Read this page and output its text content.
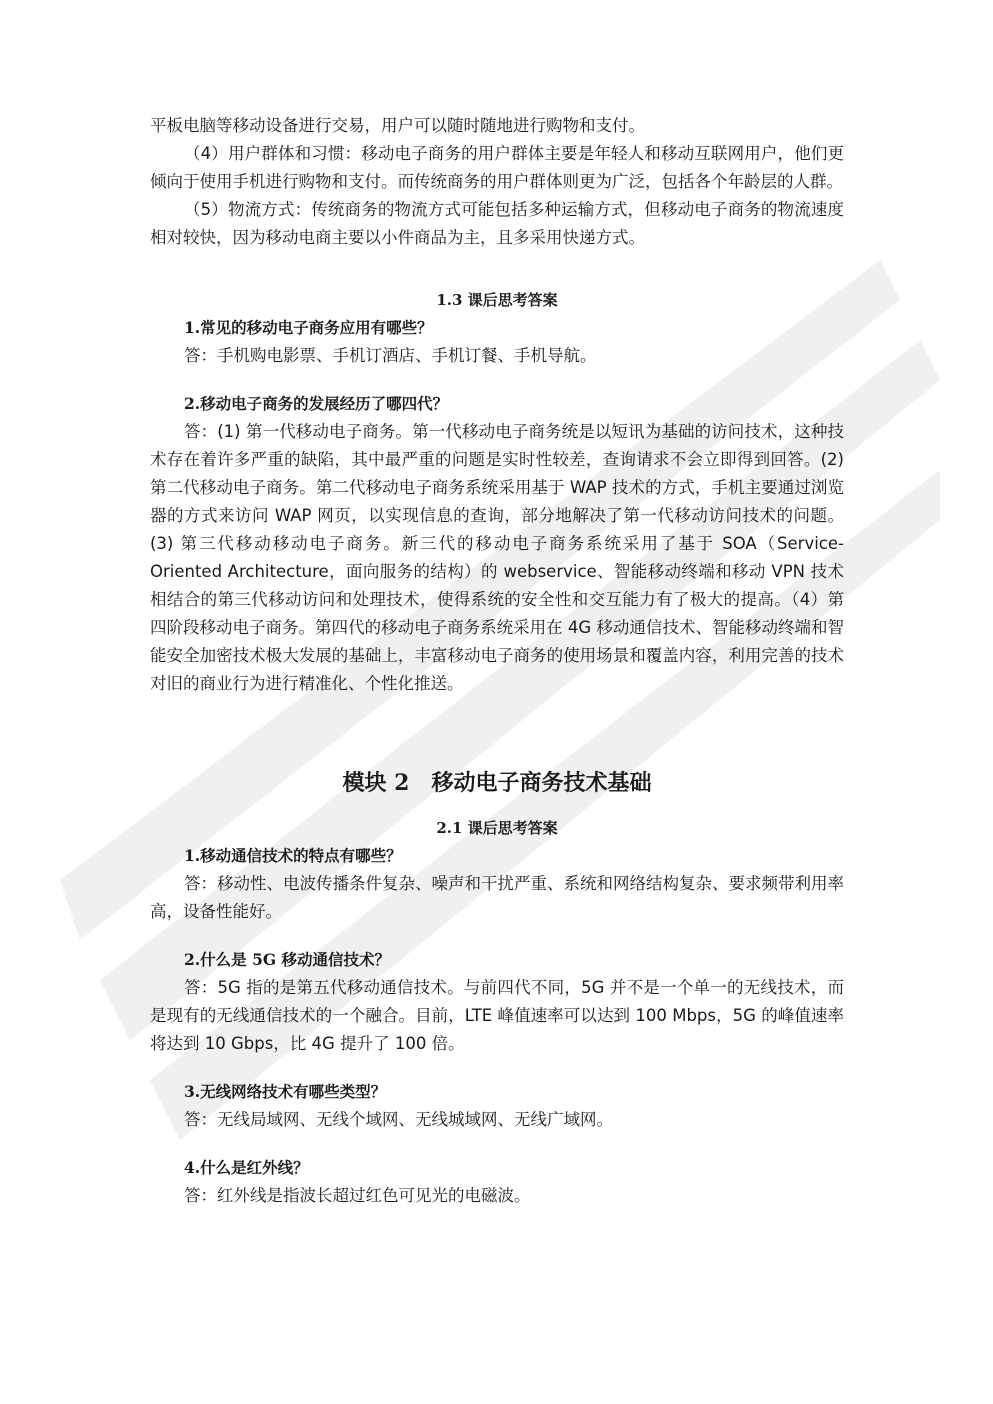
平板电脑等移动设备进行交易，用户可以随时随地进行购物和支付。

（4）用户群体和习惯：移动电子商务的用户群体主要是年轻人和移动互联网用户，他们更倾向于使用手机进行购物和支付。而传统商务的用户群体则更为广泛，包括各个年龄层的人群。

（5）物流方式：传统商务的物流方式可能包括多种运输方式，但移动电子商务的物流速度相对较快，因为移动电商主要以小件商品为主，且多采用快递方式。

1.3 课后思考答案
1.常见的移动电子商务应用有哪些？

答：手机购电影票、手机订酒店、手机订餐、手机导航。

2.移动电子商务的发展经历了哪四代？

答：(1) 第一代移动电子商务。第一代移动电子商务统是以短讯为基础的访问技术，这种技术存在着许多严重的缺陷，其中最严重的问题是实时性较差，查询请求不会立即得到回答。(2) 第二代移动电子商务。第二代移动电子商务系统采用基于 WAP 技术的方式，手机主要通过浏览器的方式来访问 WAP 网页，以实现信息的查询，部分地解决了第一代移动访问技术的问题。(3) 第三代移动移动电子商务。新三代的移动电子商务系统采用了基于 SOA（Service-Oriented Architecture，面向服务的结构）的 webservice、智能移动终端和移动 VPN 技术相结合的第三代移动访问和处理技术，使得系统的安全性和交互能力有了极大的提高。（4）第四阶段移动电子商务。第四代的移动电子商务系统采用在 4G 移动通信技术、智能移动终端和智能安全加密技术极大发展的基础上，丰富移动电子商务的使用场景和覆盖内容，利用完善的技术对旧的商业行为进行精准化、个性化推送。

模块 2　移动电子商务技术基础
2.1 课后思考答案
1.移动通信技术的特点有哪些？

答：移动性、电波传播条件复杂、噪声和干扰严重、系统和网络结构复杂、要求频带利用率高，设备性能好。

2.什么是 5G 移动通信技术？

答：5G 指的是第五代移动通信技术。与前四代不同，5G 并不是一个单一的无线技术，而是现有的无线通信技术的一个融合。目前，LTE 峰值速率可以达到 100 Mbps，5G 的峰值速率将达到 10 Gbps，比 4G 提升了 100 倍。

3.无线网络技术有哪些类型？

答：无线局域网、无线个域网、无线城域网、无线广域网。

4.什么是红外线？

答：红外线是指波长超过红色可见光的电磁波。
